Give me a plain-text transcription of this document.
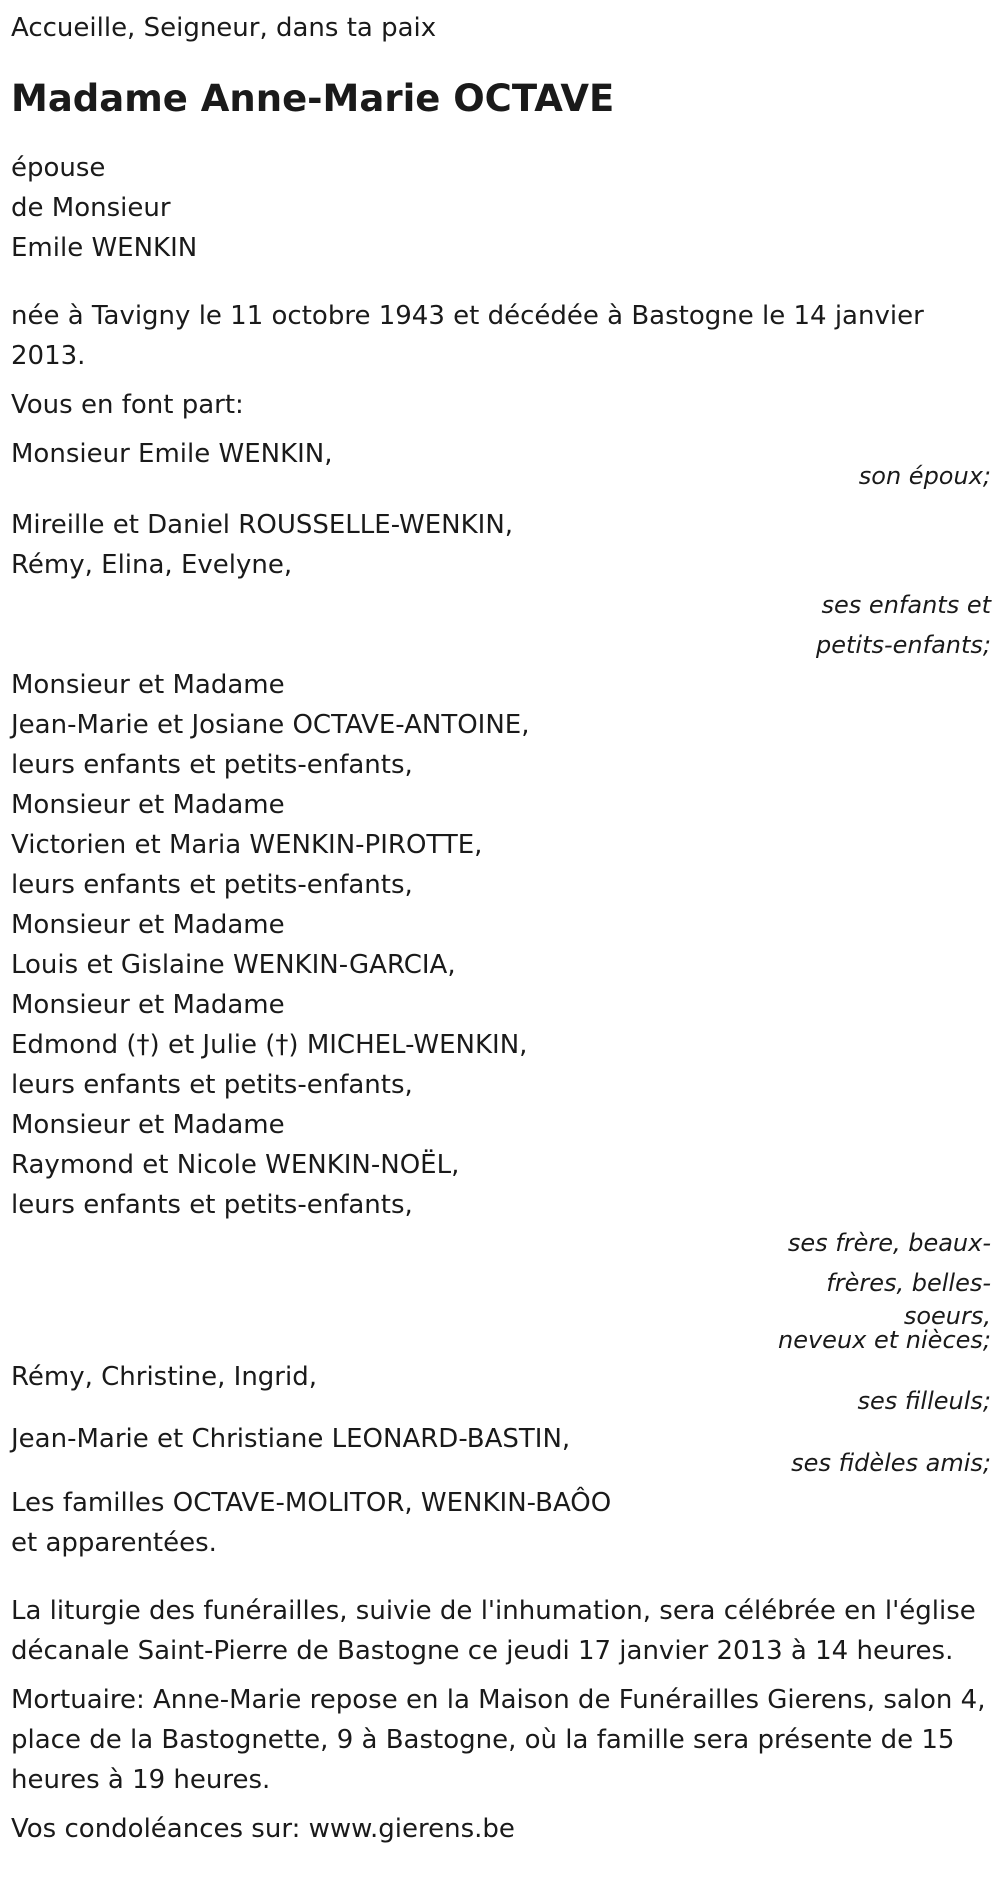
Accueille, Seigneur, dans ta paix
Madame Anne-Marie OCTAVE
épouse
de Monsieur
Emile WENKIN
née à Tavigny le 11 octobre 1943 et décédée à Bastogne le 14 janvier 2013.
Vous en font part:
Monsieur Emile WENKIN,
son époux;
Mireille et Daniel ROUSSELLE-WENKIN,
Rémy, Elina, Evelyne,
ses enfants et
petits-enfants;
Monsieur et Madame
Jean-Marie et Josiane OCTAVE-ANTOINE,
leurs enfants et petits-enfants,
Monsieur et Madame
Victorien et Maria WENKIN-PIROTTE,
leurs enfants et petits-enfants,
Monsieur et Madame
Louis et Gislaine WENKIN-GARCIA,
Monsieur et Madame
Edmond (†) et Julie (†) MICHEL-WENKIN,
leurs enfants et petits-enfants,
Monsieur et Madame
Raymond et Nicole WENKIN-NOËL,
leurs enfants et petits-enfants,
ses frère, beaux-
frères, belles-
soeurs,
neveux et nièces;
Rémy, Christine, Ingrid,
ses filleuls;
Jean-Marie et Christiane LEONARD-BASTIN,
ses fidèles amis;
Les familles OCTAVE-MOLITOR, WENKIN-BAÔO
et apparentées.
La liturgie des funérailles, suivie de l'inhumation, sera célébrée en l'église décanale Saint-Pierre de Bastogne ce jeudi 17 janvier 2013 à 14 heures.
Mortuaire: Anne-Marie repose en la Maison de Funérailles Gierens, salon 4, place de la Bastognette, 9 à Bastogne, où la famille sera présente de 15 heures à 19 heures.
Vos condoléances sur: www.gierens.be
